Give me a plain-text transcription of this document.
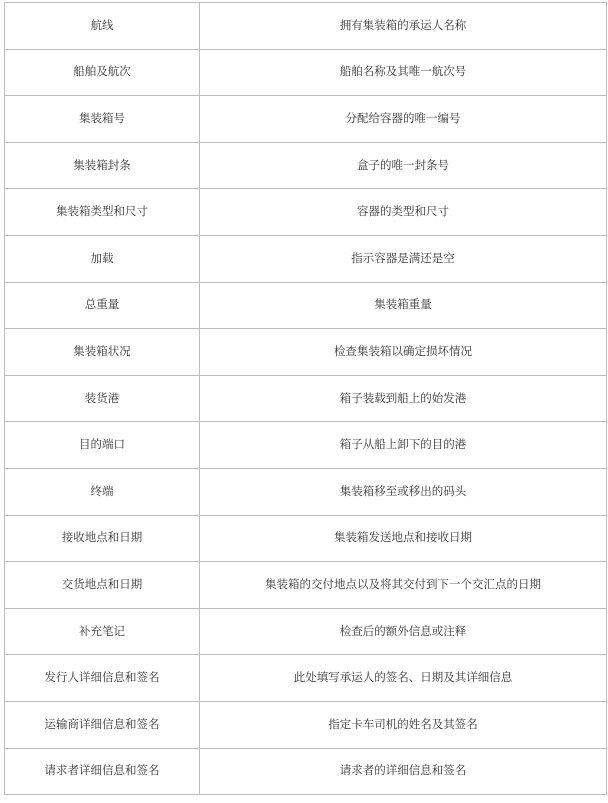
航线	拥有集装箱的承运人名称
船舶及航次	船舶名称及其唯一航次号
集装箱号	分配给容器的唯一编号
集装箱封条	盒子的唯一封条号
集装箱类型和尺寸	容器的类型和尺寸
加载	指示容器是满还是空
总重量	集装箱重量
集装箱状况	检查集装箱以确定损坏情况
装货港	箱子装载到船上的始发港
目的端口	箱子从船上卸下的目的港
终端	集装箱移至或移出的码头
接收地点和日期	集装箱发送地点和接收日期
交货地点和日期	集装箱的交付地点以及将其交付到下一个交汇点的日期
补充笔记	检查后的额外信息或注释
发行人详细信息和签名	此处填写承运人的签名、日期及其详细信息
运输商详细信息和签名	指定卡车司机的姓名及其签名
请求者详细信息和签名	请求者的详细信息和签名
